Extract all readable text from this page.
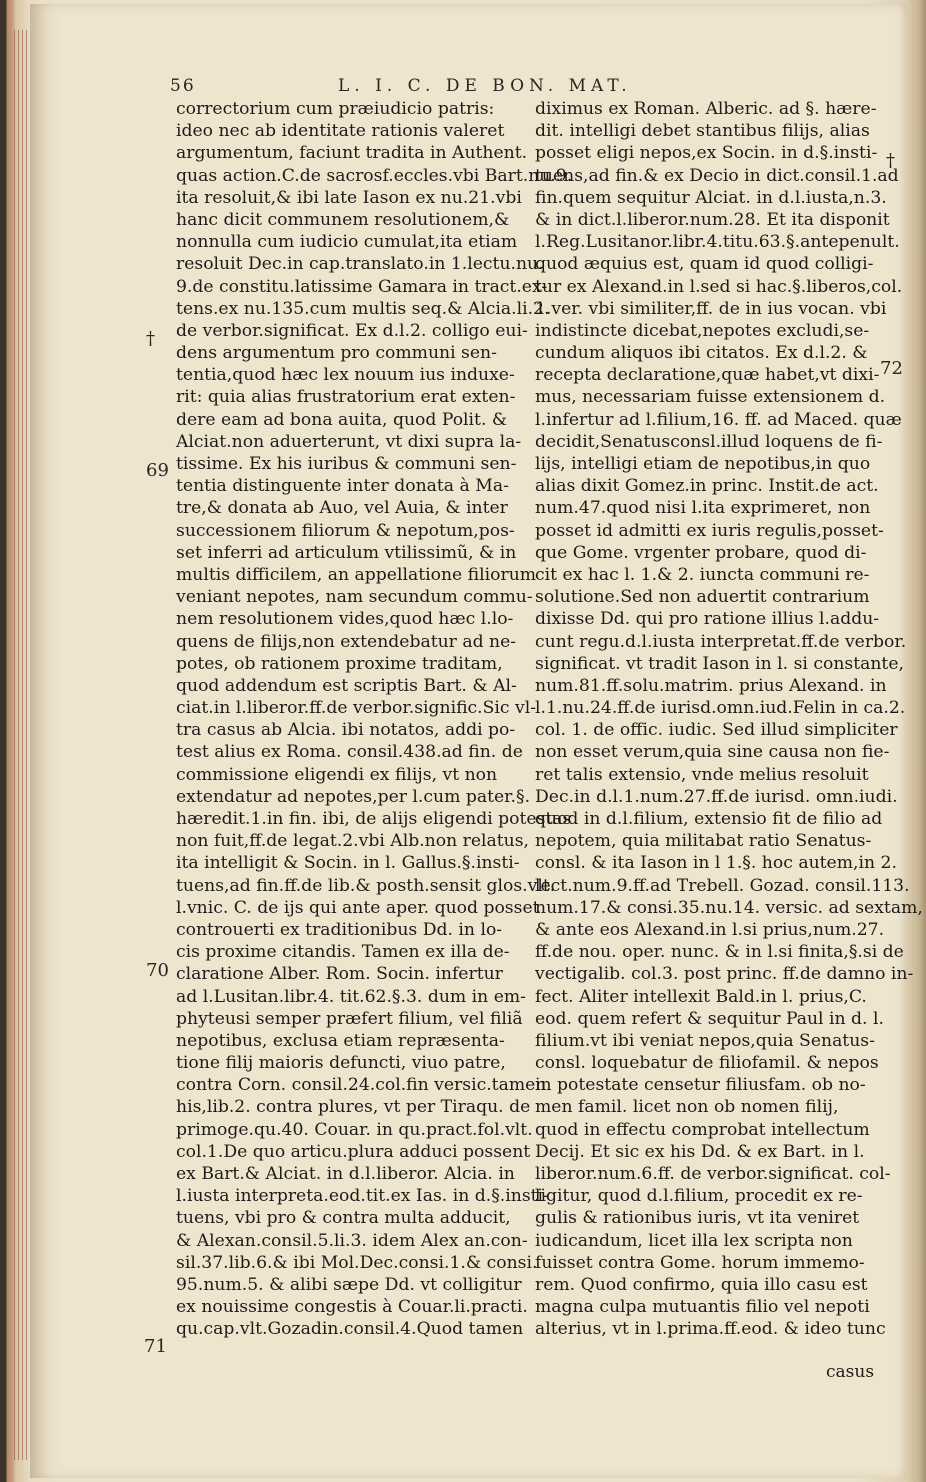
56	L. I. C. DE BON. MAT.
correctorium cum præiudicio patris:
ideo nec ab identitate rationis valeret
argumentum, faciunt tradita in Authent.
quas action.C.de sacrosf.eccles.vbi Bart.nu.9.
ita resoluit,& ibi late Iason ex nu.21.vbi
hanc dicit communem resolutionem,&
nonnulla cum iudicio cumulat,ita etiam
resoluit Dec.in cap.translato.in 1.lectu.nu.
9.de constitu.latissime Gamara in tract.ex-
tens.ex nu.135.cum multis seq.& Alcia.li.2.
de verbor.significat. Ex d.l.2. colligo eui-
dens argumentum pro communi sen-
tentia,quod hæc lex nouum ius induxe-
rit: quia alias frustratorium erat exten-
dere eam ad bona auita, quod Polit. &
Alciat.non aduerterunt, vt dixi supra la-
tissime. Ex his iuribus & communi sen-
tentia distinguente inter donata à Ma-
tre,& donata ab Auo, vel Auia, & inter
successionem filiorum & nepotum,pos-
set inferri ad articulum vtilissimũ, & in
multis difficilem, an appellatione filiorum
veniant nepotes, nam secundum commu-
nem resolutionem vides,quod hæc l.lo-
quens de filijs,non extendebatur ad ne-
potes, ob rationem proxime traditam,
quod addendum est scriptis Bart. & Al-
ciat.in l.liberor.ff.de verbor.signific.Sic vl-
tra casus ab Alcia. ibi notatos, addi po-
test alius ex Roma. consil.438.ad fin. de
commissione eligendi ex filijs, vt non
extendatur ad nepotes,per l.cum pater.§.
hæredit.1.in fin. ibi, de alijs eligendi potestas
non fuit,ff.de legat.2.vbi Alb.non relatus,
ita intelligit & Socin. in l. Gallus.§.insti-
tuens,ad fin.ff.de lib.& posth.sensit glos.vlt.
l.vnic. C. de ijs qui ante aper. quod posset
controuerti ex traditionibus Dd. in lo-
cis proxime citandis. Tamen ex illa de-
claratione Alber. Rom. Socin. infertur
ad l.Lusitan.libr.4. tit.62.§.3. dum in em-
phyteusi semper præfert filium, vel filiã
nepotibus, exclusa etiam repræsenta-
tione filij maioris defuncti, viuo patre,
contra Corn. consil.24.col.fin versic.tamen
his,lib.2. contra plures, vt per Tiraqu. de
primoge.qu.40. Couar. in qu.pract.fol.vlt.
col.1.De quo articu.plura adduci possent
ex Bart.& Alciat. in d.l.liberor. Alcia. in
l.iusta interpreta.eod.tit.ex Ias. in d.§.insti-
tuens, vbi pro & contra multa adducit,
& Alexan.consil.5.li.3. idem Alex an.con-
sil.37.lib.6.& ibi Mol.Dec.consi.1.& consi.
95.num.5. & alibi sæpe Dd. vt colligitur
ex nouissime congestis à Couar.li.practi.
qu.cap.vlt.Gozadin.consil.4.Quod tamen
diximus ex Roman. Alberic. ad §. hære-
dit. intelligi debet stantibus filijs, alias
posset eligi nepos,ex Socin. in d.§.insti-
tuens,ad fin.& ex Decio in dict.consil.1.ad
fin.quem sequitur Alciat. in d.l.iusta,n.3.
& in dict.l.liberor.num.28. Et ita disponit
l.Reg.Lusitanor.libr.4.titu.63.§.antepenult.
quod æquius est, quam id quod colligi-
tur ex Alexand.in l.sed si hac.§.liberos,col.
1.ver. vbi similiter,ff. de in ius vocan. vbi
indistincte dicebat,nepotes excludi,se-
cundum aliquos ibi citatos. Ex d.l.2. &
recepta declaratione,quæ habet,vt dixi-
mus, necessariam fuisse extensionem d.
l.infertur ad l.filium,16. ff. ad Maced. quæ
decidit,Senatusconsl.illud loquens de fi-
lijs, intelligi etiam de nepotibus,in quo
alias dixit Gomez.in princ. Instit.de act.
num.47.quod nisi l.ita exprimeret, non
posset id admitti ex iuris regulis,posset-
que Gome. vrgenter probare, quod di-
cit ex hac l. 1.& 2. iuncta communi re-
solutione.Sed non aduertit contrarium
dixisse Dd. qui pro ratione illius l.addu-
cunt regu.d.l.iusta interpretat.ff.de verbor.
significat. vt tradit Iason in l. si constante,
num.81.ff.solu.matrim. prius Alexand. in
l.1.nu.24.ff.de iurisd.omn.iud.Felin in ca.2.
col. 1. de offic. iudic. Sed illud simpliciter
non esset verum,quia sine causa non fie-
ret talis extensio, vnde melius resoluit
Dec.in d.l.1.num.27.ff.de iurisd. omn.iudi.
quod in d.l.filium, extensio fit de filio ad
nepotem, quia militabat ratio Senatus-
consl. & ita Iason in l 1.§. hoc autem,in 2.
lect.num.9.ff.ad Trebell. Gozad. consil.113.
num.17.& consi.35.nu.14. versic. ad sextam,
& ante eos Alexand.in l.si prius,num.27.
ff.de nou. oper. nunc. & in l.si finita,§.si de
vectigalib. col.3. post princ. ff.de damno in-
fect. Aliter intellexit Bald.in l. prius,C.
eod. quem refert & sequitur Paul in d. l.
filium.vt ibi veniat nepos,quia Senatus-
consl. loquebatur de filiofamil. & nepos
in potestate censetur filiusfam. ob no-
men famil. licet non ob nomen filij,
quod in effectu comprobat intellectum
Decij. Et sic ex his Dd. & ex Bart. in l.
liberor.num.6.ff. de verbor.significat. col-
ligitur, quod d.l.filium, procedit ex re-
gulis & rationibus iuris, vt ita veniret
iudicandum, licet illa lex scripta non
fuisset contra Gome. horum immemo-
rem. Quod confirmo, quia illo casu est
magna culpa mutuantis filio vel nepoti
alterius, vt in l.prima.ff.eod. & ideo tunc
†
69
70
71
†
72
casus
